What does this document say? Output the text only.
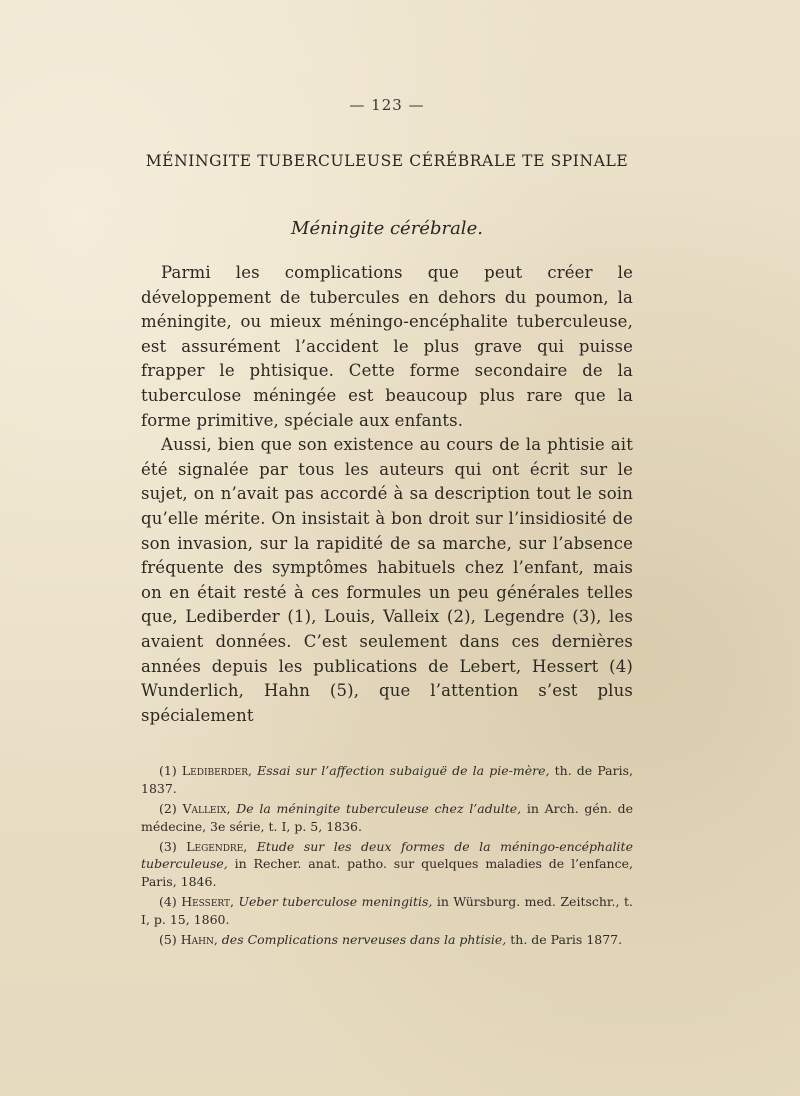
— 123 —
MÉNINGITE TUBERCULEUSE CÉRÉBRALE TE SPINALE
Méningite cérébrale.

Parmi les complications que peut créer le développement de tubercules en dehors du poumon, la méningite, ou mieux méningo-encéphalite tuberculeuse, est assurément l’accident le plus grave qui puisse frapper le phtisique. Cette forme secondaire de la tuberculose méningée est beaucoup plus rare que la forme primitive, spéciale aux enfants.

Aussi, bien que son existence au cours de la phtisie ait été signalée par tous les auteurs qui ont écrit sur le sujet, on n’avait pas accordé à sa description tout le soin qu’elle mérite. On insistait à bon droit sur l’insidiosité de son invasion, sur la rapidité de sa marche, sur l’absence fréquente des symptômes habituels chez l’enfant, mais on en était resté à ces formules un peu générales telles que, Lediberder (1), Louis, Valleix (2), Legendre (3), les avaient données. C’est seulement dans ces dernières années depuis les publications de Lebert, Hessert (4) Wunderlich, Hahn (5), que l’attention s’est plus spécialement

(1) Lediberder, Essai sur l’affection subaiguë de la pie-mère, th. de Paris, 1837.

(2) Valleix, De la méningite tuberculeuse chez l’adulte, in Arch. gén. de médecine, 3e série, t. I, p. 5, 1836.

(3) Legendre, Etude sur les deux formes de la méningo-encéphalite tuberculeuse, in Recher. anat. patho. sur quelques maladies de l’enfance, Paris, 1846.

(4) Hessert, Ueber tuberculose meningitis, in Würsburg. med. Zeitschr., t. I, p. 15, 1860.

(5) Hahn, des Complications nerveuses dans la phtisie, th. de Paris 1877.
